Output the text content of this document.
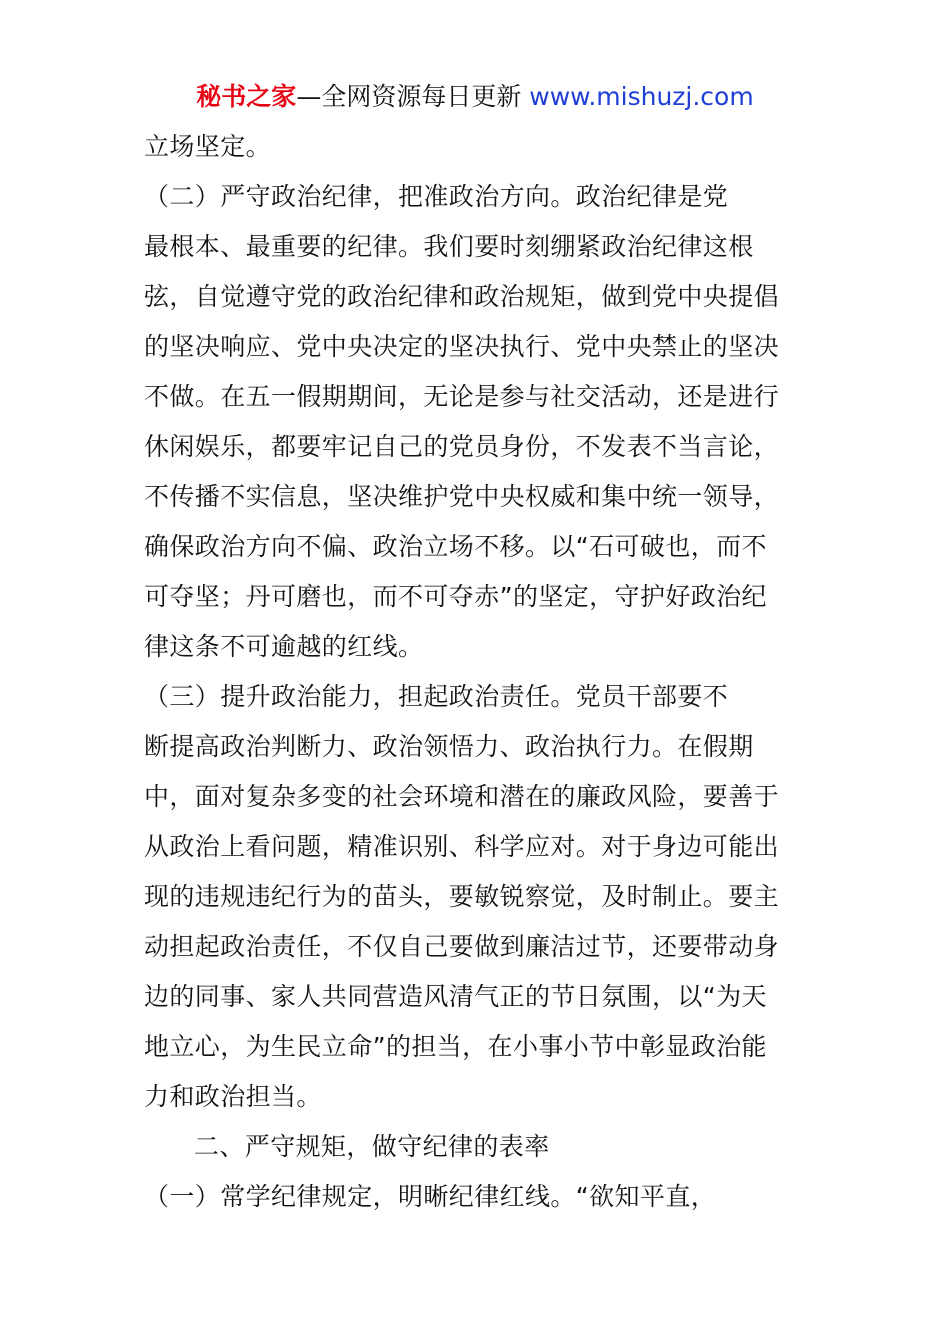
秘书之家—全网资源每日更新 www.mishuzj.com
立场坚定。
（二）严守政治纪律，把准政治方向。政治纪律是党
最根本、最重要的纪律。我们要时刻绷紧政治纪律这根
弦，自觉遵守党的政治纪律和政治规矩，做到党中央提倡
的坚决响应、党中央决定的坚决执行、党中央禁止的坚决
不做。在五一假期期间，无论是参与社交活动，还是进行
休闲娱乐，都要牢记自己的党员身份，不发表不当言论，
不传播不实信息，坚决维护党中央权威和集中统一领导，
确保政治方向不偏、政治立场不移。以“石可破也，而不
可夺坚；丹可磨也，而不可夺赤”的坚定，守护好政治纪
律这条不可逾越的红线。
（三）提升政治能力，担起政治责任。党员干部要不
断提高政治判断力、政治领悟力、政治执行力。在假期
中，面对复杂多变的社会环境和潜在的廉政风险，要善于
从政治上看问题，精准识别、科学应对。对于身边可能出
现的违规违纪行为的苗头，要敏锐察觉，及时制止。要主
动担起政治责任，不仅自己要做到廉洁过节，还要带动身
边的同事、家人共同营造风清气正的节日氛围，以“为天
地立心，为生民立命”的担当，在小事小节中彰显政治能
力和政治担当。
二、严守规矩，做守纪律的表率
（一）常学纪律规定，明晰纪律红线。“欲知平直，
